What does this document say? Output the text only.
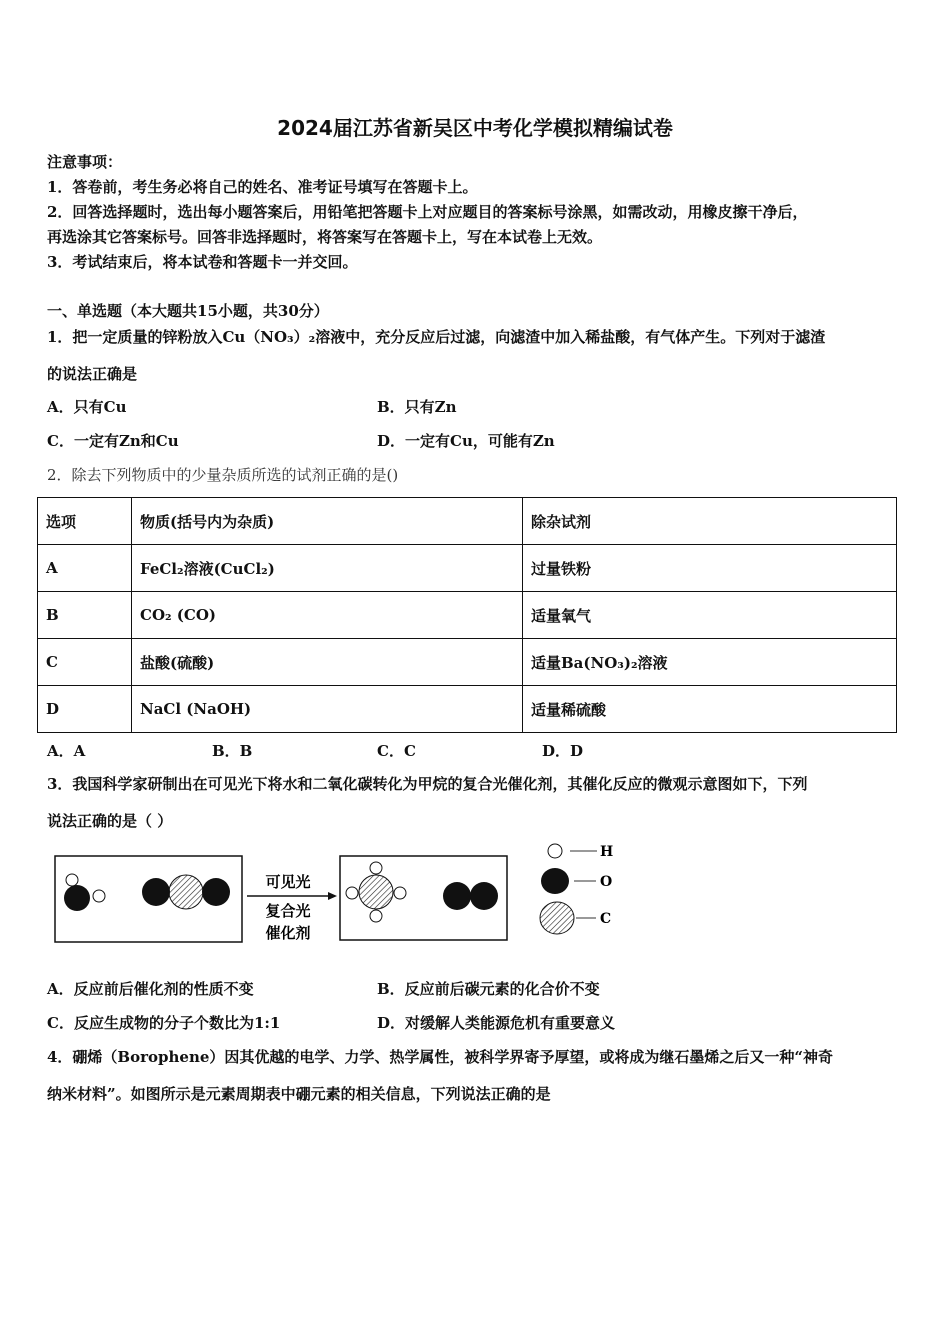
2024届江苏省新吴区中考化学模拟精编试卷
注意事项：
1．答卷前，考生务必将自己的姓名、准考证号填写在答题卡上。
2．回答选择题时，选出每小题答案后，用铅笔把答题卡上对应题目的答案标号涂黑，如需改动，用橡皮擦干净后，
再选涂其它答案标号。回答非选择题时，将答案写在答题卡上，写在本试卷上无效。
3．考试结束后，将本试卷和答题卡一并交回。
一、单选题（本大题共15小题，共30分）
1．把一定质量的锌粉放入Cu（NO₃）₂溶液中，充分反应后过滤，向滤渣中加入稀盐酸，有气体产生。下列对于滤渣
的说法正确是
A．只有Cu	B．只有Zn
C．一定有Zn和Cu	D．一定有Cu，可能有Zn
2．除去下列物质中的少量杂质所选的试剂正确的是()
选项	物质(括号内为杂质)	除杂试剂
A	FeCl₂溶液(CuCl₂)	过量铁粉
B	CO₂ (CO)	适量氧气
C	盐酸(硫酸)	适量Ba(NO₃)₂溶液
D	NaCl (NaOH)	适量稀硫酸
A．A	B．B	C．C	D．D
3．我国科学家研制出在可见光下将水和二氧化碳转化为甲烷的复合光催化剂，其催化反应的微观示意图如下，下列
说法正确的是（ ）
可见光
复合光
催化剂
H
O
C
A．反应前后催化剂的性质不变	B．反应前后碳元素的化合价不变
C．反应生成物的分子个数比为1:1	D．对缓解人类能源危机有重要意义
4．硼烯（Borophene）因其优越的电学、力学、热学属性，被科学界寄予厚望，或将成为继石墨烯之后又一种“神奇
纳米材料”。如图所示是元素周期表中硼元素的相关信息，下列说法正确的是
